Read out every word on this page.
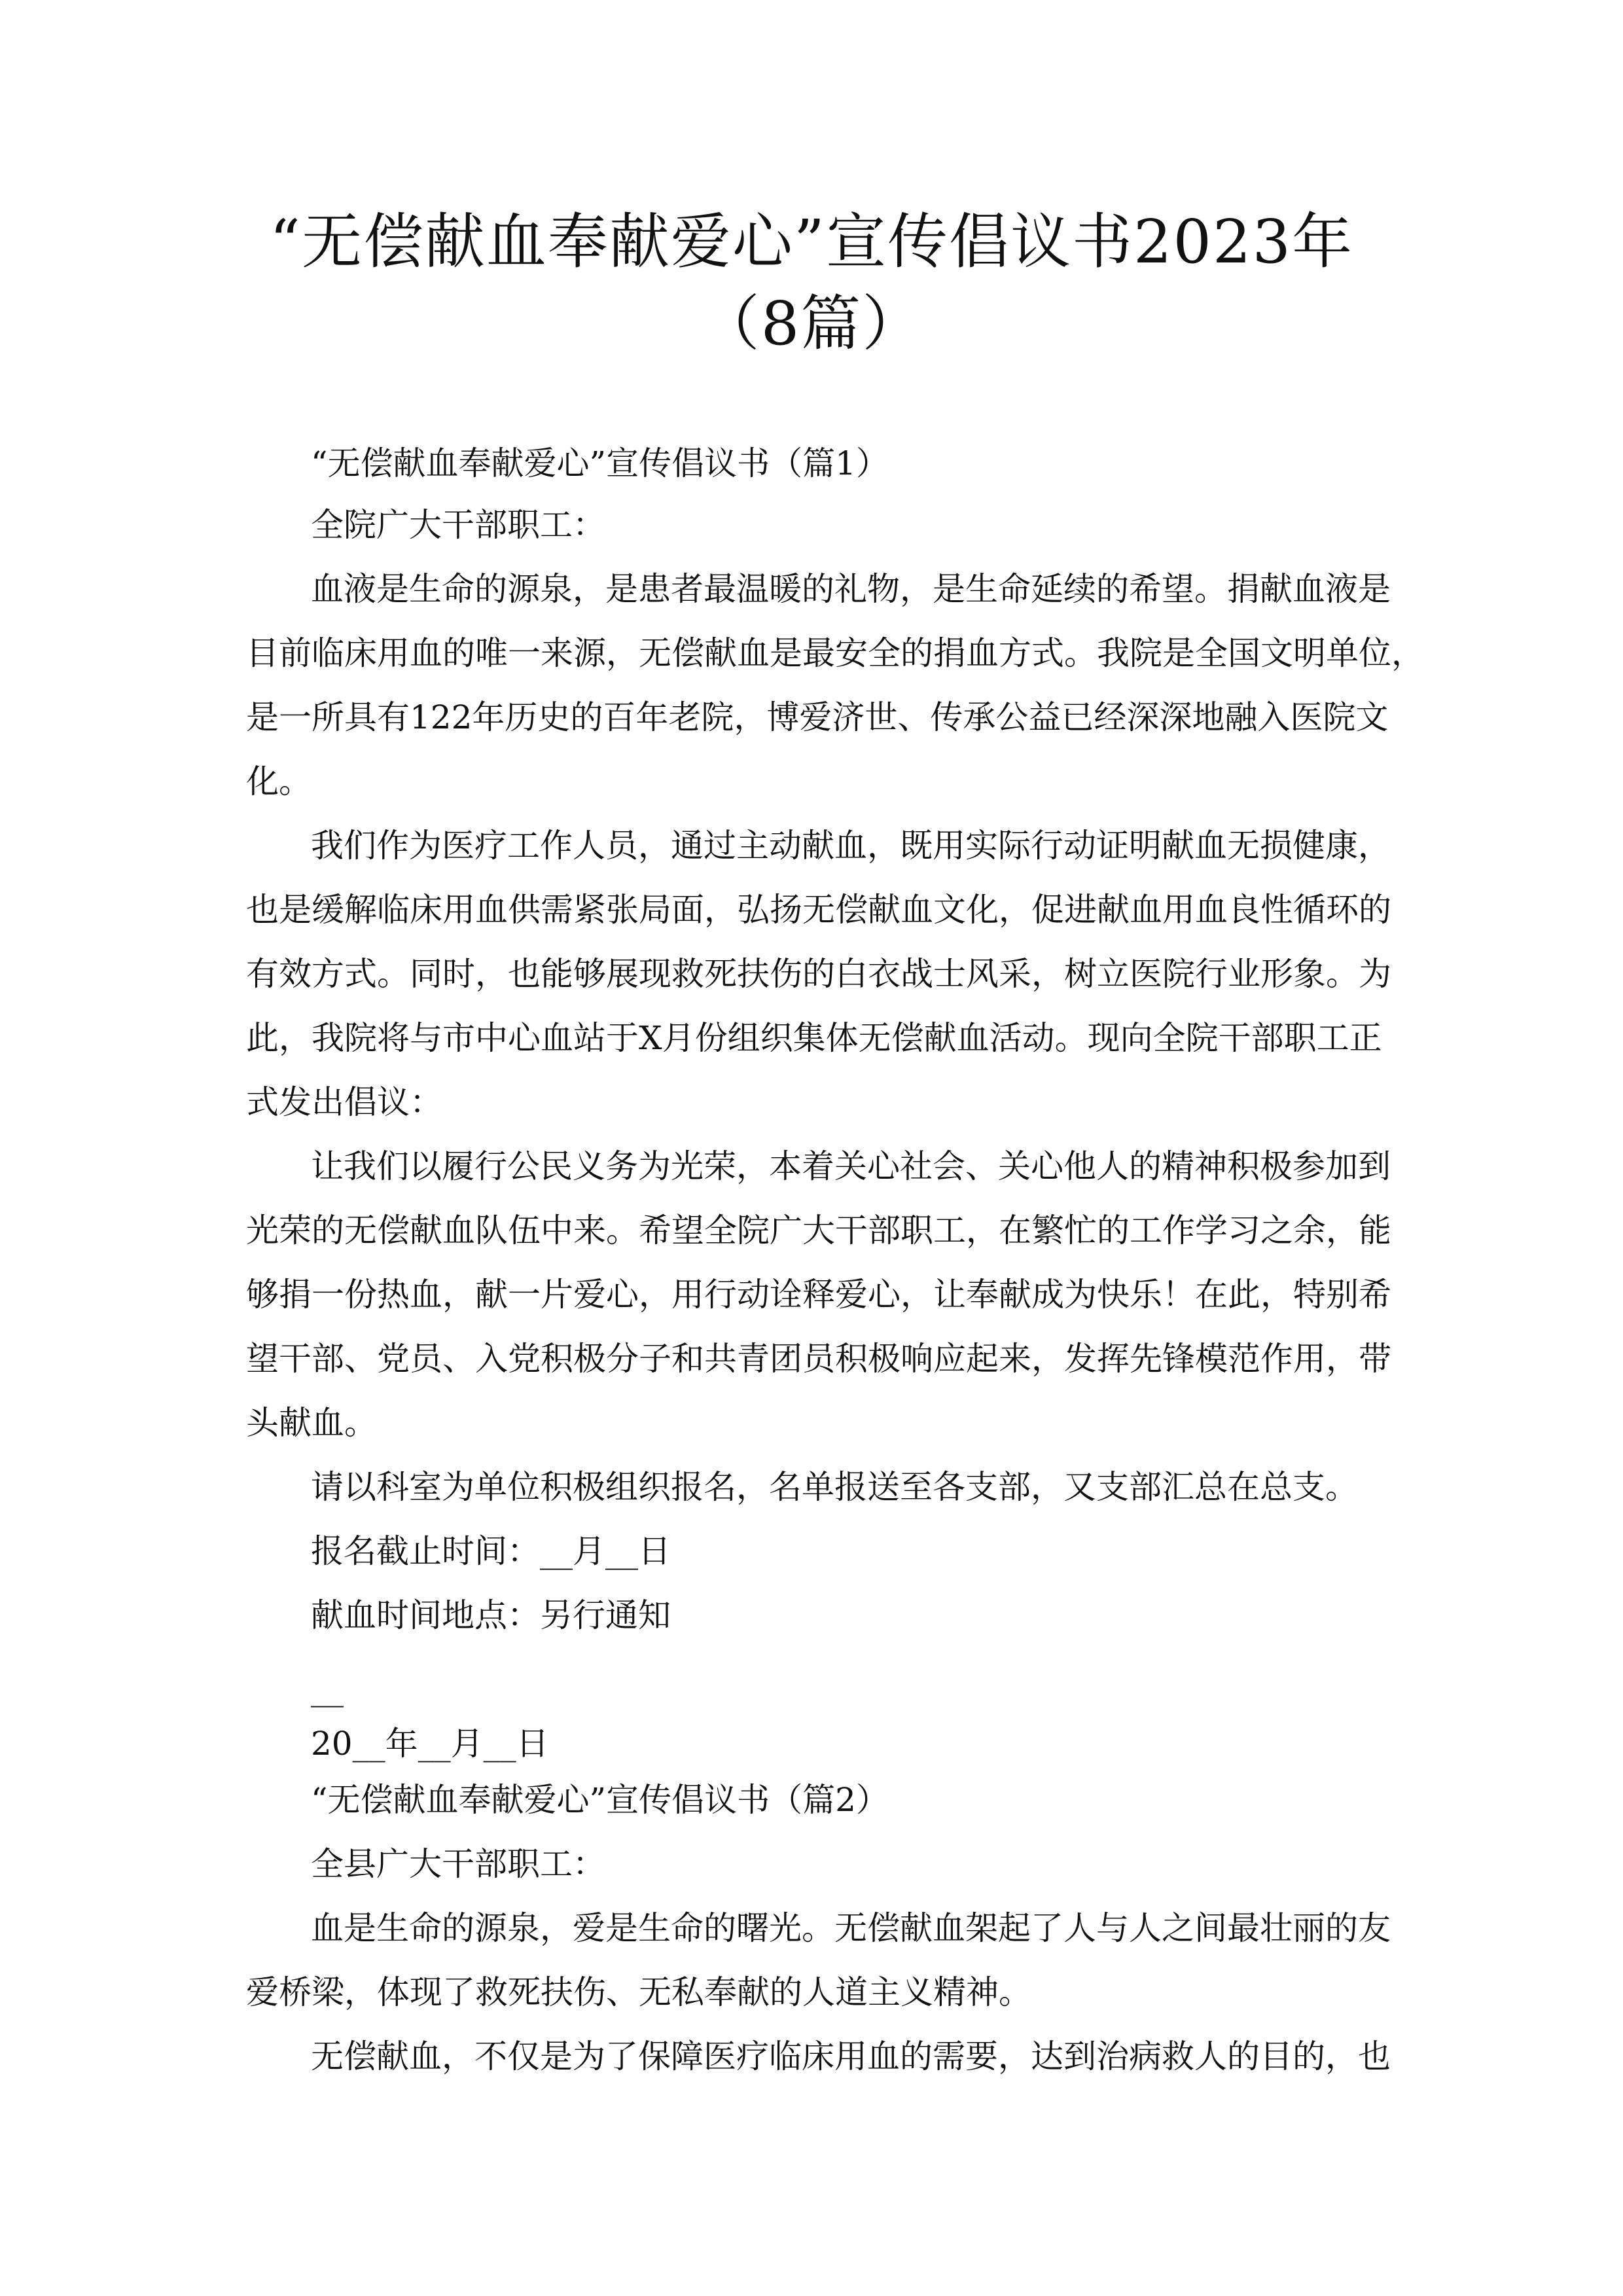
“无偿献血奉献爱心”宣传倡议书2023年
（8篇）
“无偿献血奉献爱心”宣传倡议书（篇1）
全院广大干部职工：
血液是生命的源泉，是患者最温暖的礼物，是生命延续的希望。捐献血液是
目前临床用血的唯一来源，无偿献血是最安全的捐血方式。我院是全国文明单位，
是一所具有122年历史的百年老院，博爱济世、传承公益已经深深地融入医院文
化。
我们作为医疗工作人员，通过主动献血，既用实际行动证明献血无损健康，
也是缓解临床用血供需紧张局面，弘扬无偿献血文化，促进献血用血良性循环的
有效方式。同时，也能够展现救死扶伤的白衣战士风采，树立医院行业形象。为
此，我院将与市中心血站于X月份组织集体无偿献血活动。现向全院干部职工正
式发出倡议：
让我们以履行公民义务为光荣，本着关心社会、关心他人的精神积极参加到
光荣的无偿献血队伍中来。希望全院广大干部职工，在繁忙的工作学习之余，能
够捐一份热血，献一片爱心，用行动诠释爱心，让奉献成为快乐！在此，特别希
望干部、党员、入党积极分子和共青团员积极响应起来，发挥先锋模范作用，带
头献血。
请以科室为单位积极组织报名，名单报送至各支部，又支部汇总在总支。
报名截止时间：__月__日
献血时间地点：另行通知
__
20__年__月__日
“无偿献血奉献爱心”宣传倡议书（篇2）
全县广大干部职工：
血是生命的源泉，爱是生命的曙光。无偿献血架起了人与人之间最壮丽的友
爱桥梁，体现了救死扶伤、无私奉献的人道主义精神。
无偿献血，不仅是为了保障医疗临床用血的需要，达到治病救人的目的，也
